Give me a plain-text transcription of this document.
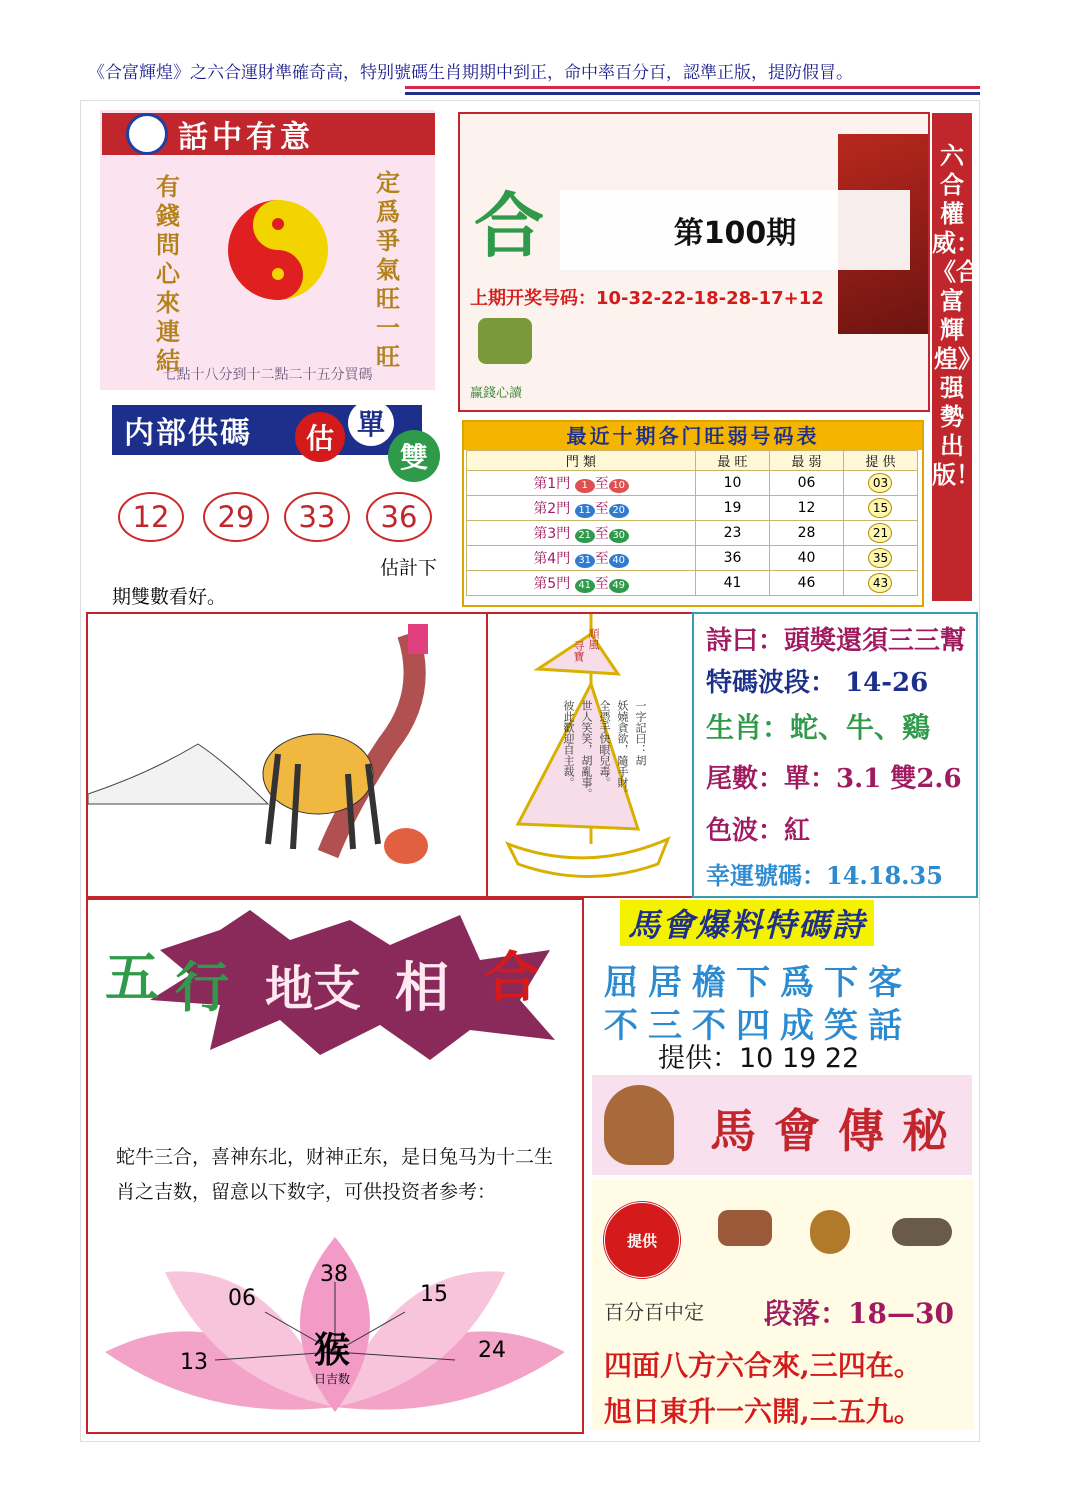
《合富輝煌》之六合運財準確奇高，特别號碼生肖期期中到正，命中率百分百，認準正版，提防假冒。
話中有意
有錢問心來連結
定爲爭氣旺一旺
七點十八分到十二點二十五分買碼
内部供碼	估 單
雙
12	29	33	36
估計下
期雙數看好。
合	第100期
上期开奖号码：10-32-22-18-28-17+12
赢錢心讀
六合權威：《合富輝煌》强勢出版！
最近十期各门旺弱号码表
門 類	最 旺	最 弱	提 供
第1門 1 至 10	10	06	03
第2門 11 至 20	19	12	15
第3門 21 至 30	23	28	21
第4門 31 至 40	36	40	35
第5門 41 至 49	41	46	43
順風
寻寶
一字記曰：胡
妖嬈貪欲，隨手財。
全憑手快眼兒毒。
世人笑笑，胡亂事。
彼此歡迎自主裁。
詩曰：頭獎還須三三幫
特碼波段： 14-26
生肖：蛇、牛、鷄
尾數：單：3.1 雙2.6
色波：紅
幸運號碼：14.18.35
五 行 地支 相 合
蛇牛三合，喜神东北，财神正东，是日兔马为十二生肖之吉数，留意以下数字，可供投资者参考：
38
06	15
13	24
猴
日吉数
馬會爆料特碼詩
屈居檐下爲下客
不三不四成笑話
提供：10 19 22
馬會傳秘
提供
百分百中定 段落：18—30
四面八方六合來,三四在。
旭日東升一六開,二五九。
